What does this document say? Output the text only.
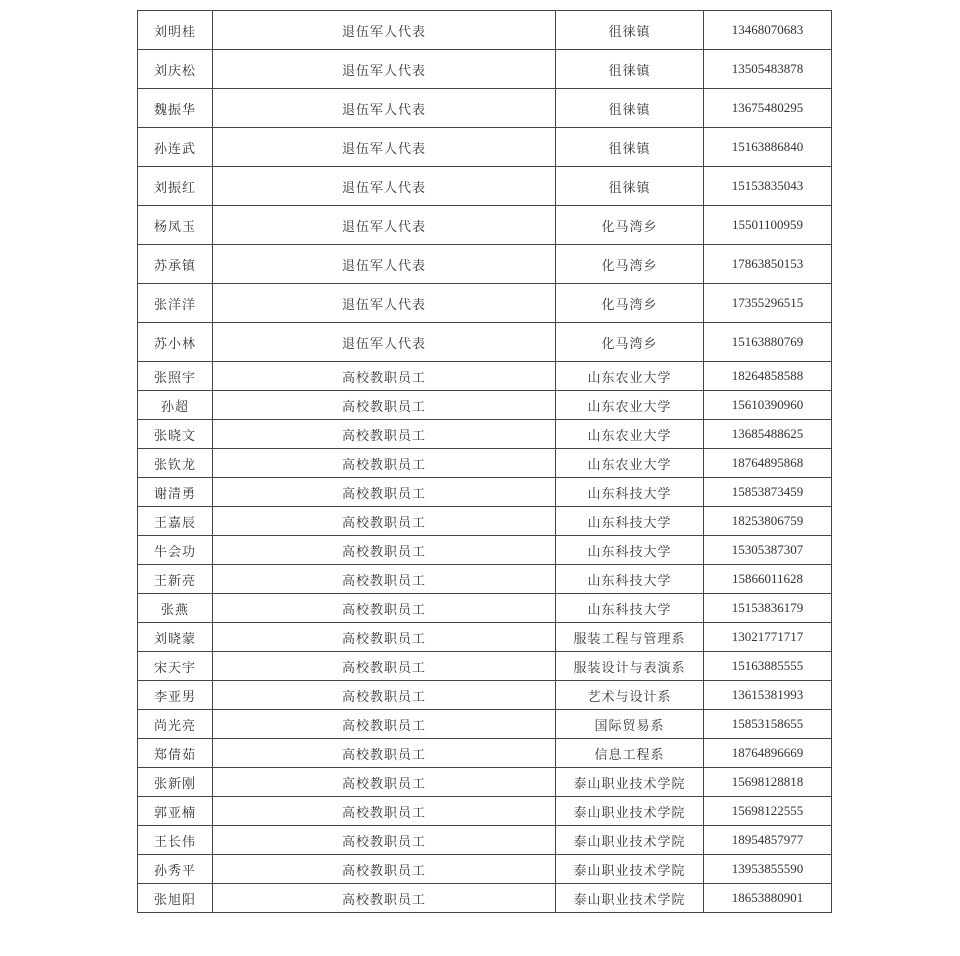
刘明桂	退伍军人代表	徂徕镇	13468070683
刘庆松	退伍军人代表	徂徕镇	13505483878
魏振华	退伍军人代表	徂徕镇	13675480295
孙连武	退伍军人代表	徂徕镇	15163886840
刘振红	退伍军人代表	徂徕镇	15153835043
杨凤玉	退伍军人代表	化马湾乡	15501100959
苏承镇	退伍军人代表	化马湾乡	17863850153
张洋洋	退伍军人代表	化马湾乡	17355296515
苏小林	退伍军人代表	化马湾乡	15163880769
张照宇	高校教职员工	山东农业大学	18264858588
孙超	高校教职员工	山东农业大学	15610390960
张晓文	高校教职员工	山东农业大学	13685488625
张钦龙	高校教职员工	山东农业大学	18764895868
谢清勇	高校教职员工	山东科技大学	15853873459
王嘉辰	高校教职员工	山东科技大学	18253806759
牛会功	高校教职员工	山东科技大学	15305387307
王新亮	高校教职员工	山东科技大学	15866011628
张燕	高校教职员工	山东科技大学	15153836179
刘晓蒙	高校教职员工	服装工程与管理系	13021771717
宋天宇	高校教职员工	服装设计与表演系	15163885555
李亚男	高校教职员工	艺术与设计系	13615381993
尚光亮	高校教职员工	国际贸易系	15853158655
郑倩茹	高校教职员工	信息工程系	18764896669
张新刚	高校教职员工	泰山职业技术学院	15698128818
郭亚楠	高校教职员工	泰山职业技术学院	15698122555
王长伟	高校教职员工	泰山职业技术学院	18954857977
孙秀平	高校教职员工	泰山职业技术学院	13953855590
张旭阳	高校教职员工	泰山职业技术学院	18653880901
